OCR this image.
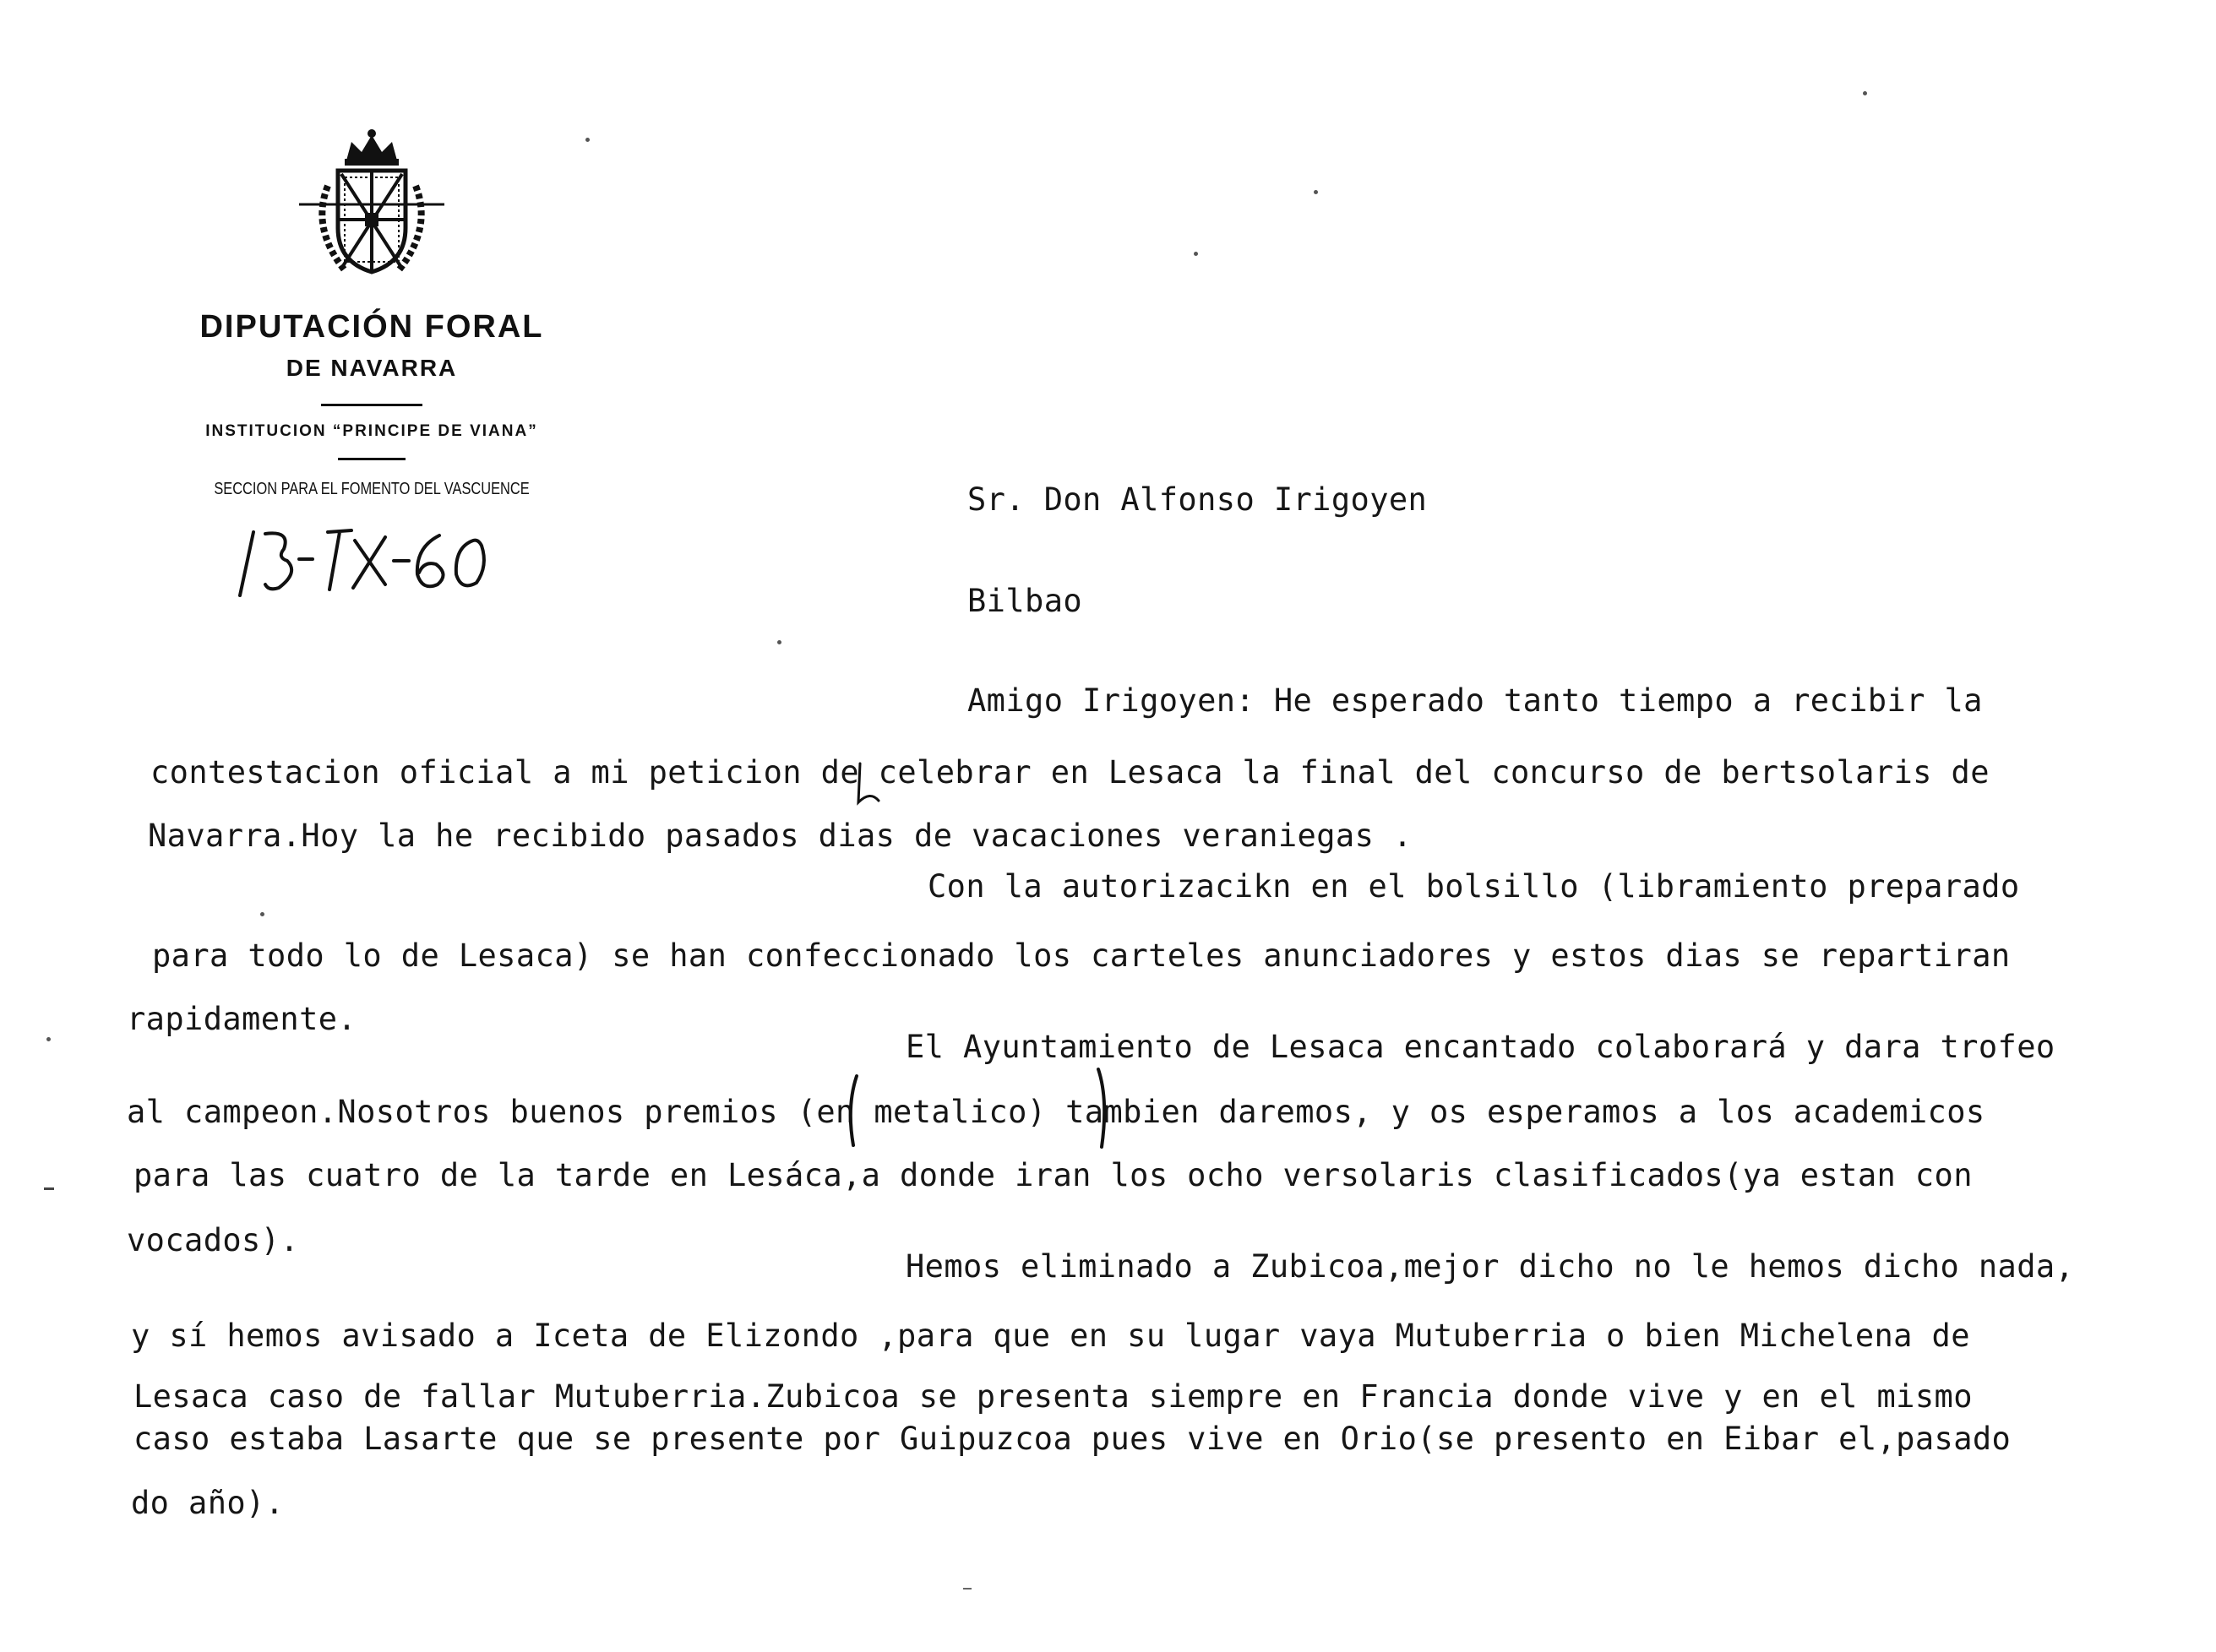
DIPUTACIÓN FORAL
DE NAVARRA
INSTITUCION “PRINCIPE DE VIANA”
SECCION PARA EL FOMENTO DEL VASCUENCE	Sr. Don Alfonso Irigoyen
Bilbao
Amigo Irigoyen: He esperado tanto tiempo a recibir la
contestacion oficial a mi peticion de celebrar en Lesaca la final del concurso de bertsolaris de
Navarra.Hoy la he recibido pasados dias de vacaciones veraniegas .
Con la autorizacikn en el bolsillo (libramiento preparado
para todo lo de Lesaca) se han confeccionado los carteles anunciadores y estos dias se repartiran
rapidamente.
El Ayuntamiento de Lesaca encantado colaborará y dara trofeo
al campeon.Nosotros buenos premios (en metalico) tambien daremos, y os esperamos a los academicos
para las cuatro de la tarde en Lesáca,a donde iran los ocho versolaris clasificados(ya estan con
vocados).
Hemos eliminado a Zubicoa,mejor dicho no le hemos dicho nada,
y sí hemos avisado a Iceta de Elizondo ,para que en su lugar vaya Mutuberria o bien Michelena de
Lesaca caso de fallar Mutuberria.Zubicoa se presenta siempre en Francia donde vive y en el mismo
caso estaba Lasarte que se presente por Guipuzcoa pues vive en Orio(se presento en Eibar el,pasado
do año).
